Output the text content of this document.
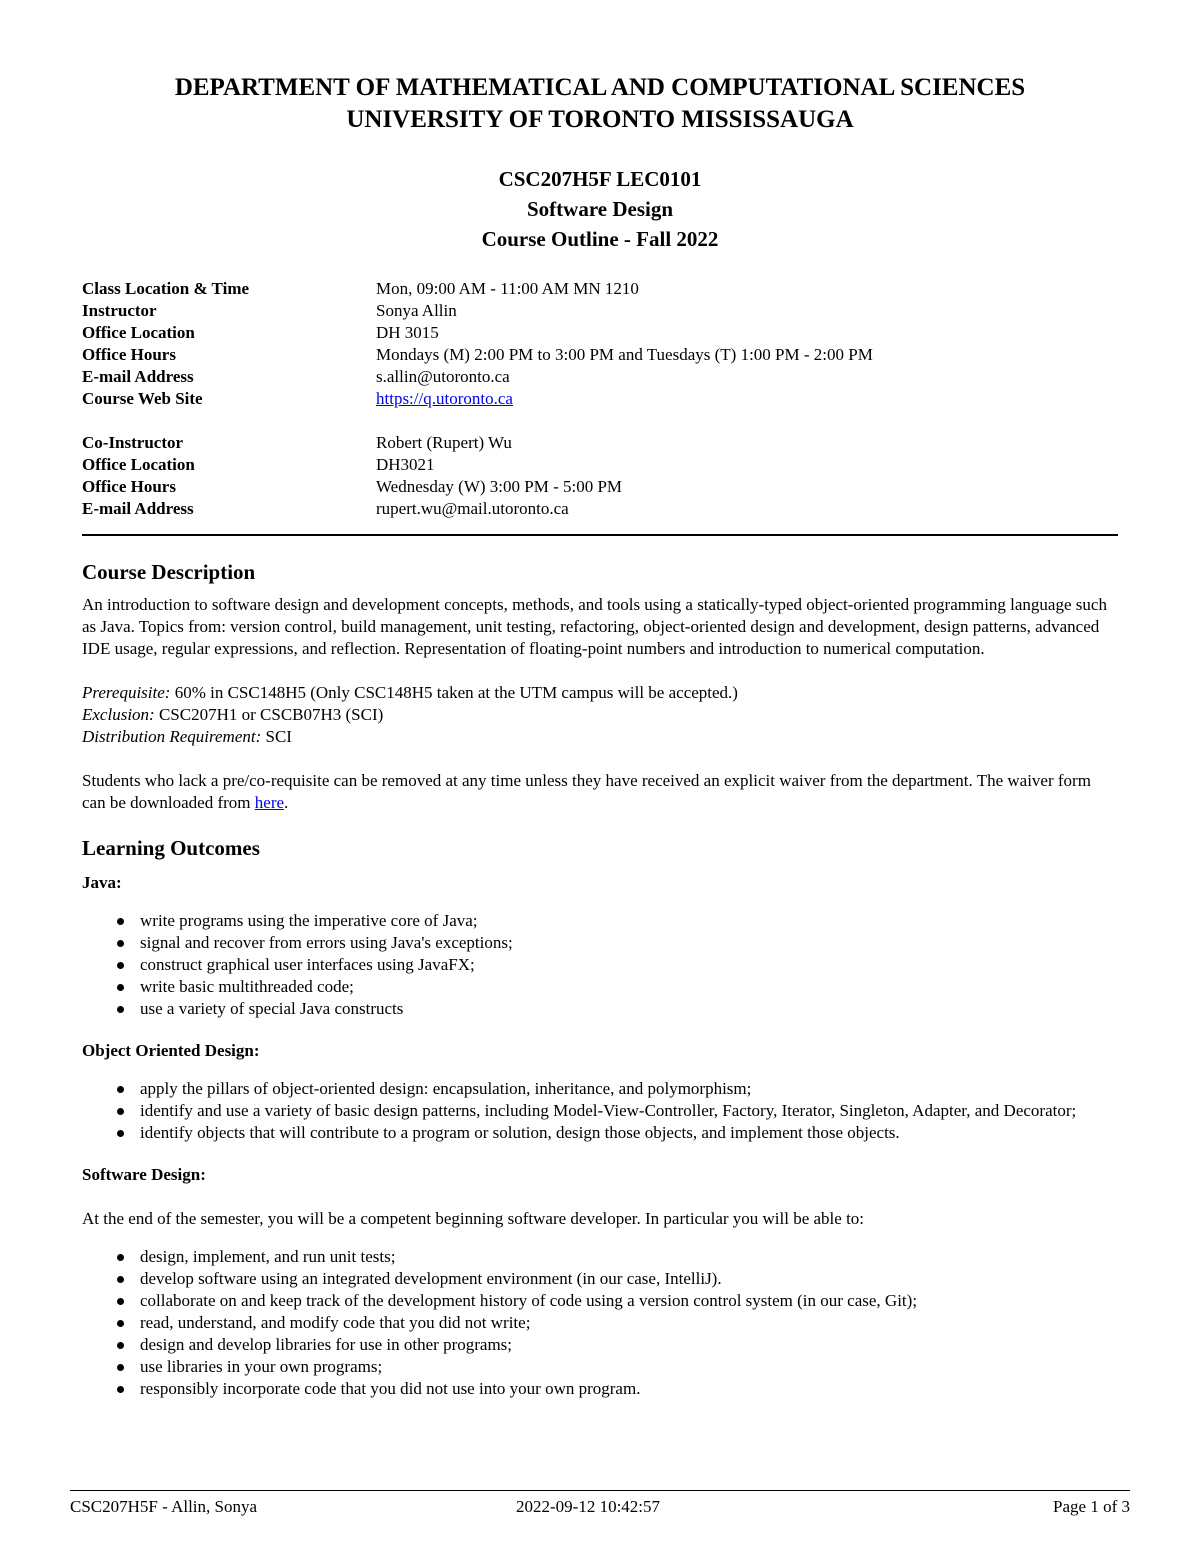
DEPARTMENT OF MATHEMATICAL AND COMPUTATIONAL SCIENCES
UNIVERSITY OF TORONTO MISSISSAUGA
CSC207H5F LEC0101
Software Design
Course Outline - Fall 2022
Class Location & Time	Mon, 09:00 AM - 11:00 AM MN 1210
Instructor	Sonya Allin
Office Location	DH 3015
Office Hours	Mondays (M) 2:00 PM to 3:00 PM and Tuesdays (T) 1:00 PM - 2:00 PM
E-mail Address	s.allin@utoronto.ca
Course Web Site	https://q.utoronto.ca

Co-Instructor	Robert (Rupert) Wu
Office Location	DH3021
Office Hours	Wednesday (W) 3:00 PM - 5:00 PM
E-mail Address	rupert.wu@mail.utoronto.ca
Course Description

An introduction to software design and development concepts, methods, and tools using a statically-typed object-oriented programming language such as Java. Topics from: version control, build management, unit testing, refactoring, object-oriented design and development, design patterns, advanced IDE usage, regular expressions, and reflection. Representation of floating-point numbers and introduction to numerical computation.

Prerequisite: 60% in CSC148H5 (Only CSC148H5 taken at the UTM campus will be accepted.)
Exclusion: CSC207H1 or CSCB07H3 (SCI)
Distribution Requirement: SCI

Students who lack a pre/co-requisite can be removed at any time unless they have received an explicit waiver from the department. The waiver form can be downloaded from here.

Learning Outcomes
Java:
write programs using the imperative core of Java;
signal and recover from errors using Java's exceptions;
construct graphical user interfaces using JavaFX;
write basic multithreaded code;
use a variety of special Java constructs
Object Oriented Design:
apply the pillars of object-oriented design: encapsulation, inheritance, and polymorphism;
identify and use a variety of basic design patterns, including Model-View-Controller, Factory, Iterator, Singleton, Adapter, and Decorator;
identify objects that will contribute to a program or solution, design those objects, and implement those objects.
Software Design:

At the end of the semester, you will be a competent beginning software developer. In particular you will be able to:

design, implement, and run unit tests;
develop software using an integrated development environment (in our case, IntelliJ).
collaborate on and keep track of the development history of code using a version control system (in our case, Git);
read, understand, and modify code that you did not write;
design and develop libraries for use in other programs;
use libraries in your own programs;
responsibly incorporate code that you did not use into your own program.
CSC207H5F - Allin, Sonya	2022-09-12 10:42:57	Page 1 of 3
